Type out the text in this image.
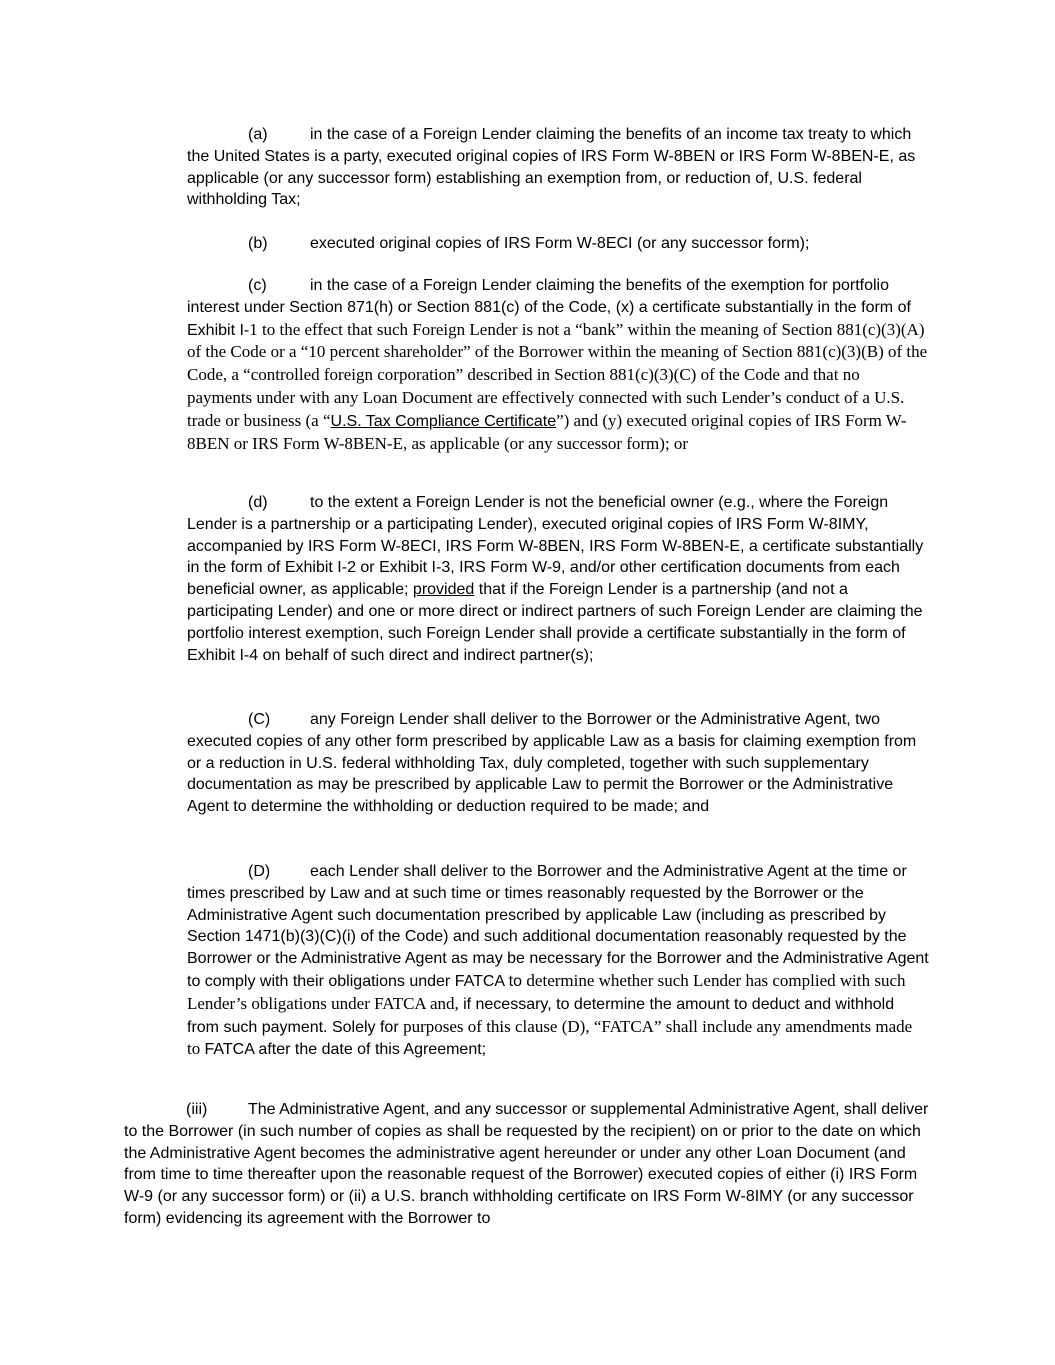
(a)	in the case of a Foreign Lender claiming the benefits of an income tax treaty to which the United States is a party, executed original copies of IRS Form W-8BEN or IRS Form W-8BEN-E, as applicable (or any successor form) establishing an exemption from, or reduction of, U.S. federal withholding Tax;

(b)	executed original copies of IRS Form W-8ECI (or any successor form);

(c)	in the case of a Foreign Lender claiming the benefits of the exemption for portfolio interest under Section 871(h) or Section 881(c) of the Code, (x) a certificate substantially in the form of Exhibit I-1 to the effect that such Foreign Lender is not a “bank” within the meaning of Section 881(c)(3)(A) of the Code or a “10 percent shareholder” of the Borrower within the meaning of Section 881(c)(3)(B) of the Code, a “controlled foreign corporation” described in Section 881(c)(3)(C) of the Code and that no payments under with any Loan Document are effectively connected with such Lender’s conduct of a U.S. trade or business (a “U.S. Tax Compliance Certificate”) and (y) executed original copies of IRS Form W-8BEN or IRS Form W-8BEN-E, as applicable (or any successor form); or

(d)	to the extent a Foreign Lender is not the beneficial owner (e.g., where the Foreign Lender is a partnership or a participating Lender), executed original copies of IRS Form W-8IMY, accompanied by IRS Form W-8ECI, IRS Form W-8BEN, IRS Form W-8BEN-E, a certificate substantially in the form of Exhibit I-2 or Exhibit I-3, IRS Form W-9, and/or other certification documents from each beneficial owner, as applicable; provided that if the Foreign Lender is a partnership (and not a participating Lender) and one or more direct or indirect partners of such Foreign Lender are claiming the portfolio interest exemption, such Foreign Lender shall provide a certificate substantially in the form of Exhibit I-4 on behalf of such direct and indirect partner(s);

(C) any Foreign Lender shall deliver to the Borrower or the Administrative Agent, two executed copies of any other form prescribed by applicable Law as a basis for claiming exemption from or a reduction in U.S. federal withholding Tax, duly completed, together with such supplementary documentation as may be prescribed by applicable Law to permit the Borrower or the Administrative Agent to determine the withholding or deduction required to be made; and

(D) each Lender shall deliver to the Borrower and the Administrative Agent at the time or times prescribed by Law and at such time or times reasonably requested by the Borrower or the Administrative Agent such documentation prescribed by applicable Law (including as prescribed by Section 1471(b)(3)(C)(i) of the Code) and such additional documentation reasonably requested by the Borrower or the Administrative Agent as may be necessary for the Borrower and the Administrative Agent to comply with their obligations under FATCA to determine whether such Lender has complied with such Lender’s obligations under FATCA and, if necessary, to determine the amount to deduct and withhold from such payment. Solely for purposes of this clause (D), “FATCA” shall include any amendments made to FATCA after the date of this Agreement;

(iii)	The Administrative Agent, and any successor or supplemental Administrative Agent, shall deliver to the Borrower (in such number of copies as shall be requested by the recipient) on or prior to the date on which the Administrative Agent becomes the administrative agent hereunder or under any other Loan Document (and from time to time thereafter upon the reasonable request of the Borrower) executed copies of either (i) IRS Form W-9 (or any successor form) or (ii) a U.S. branch withholding certificate on IRS Form W-8IMY (or any successor form) evidencing its agreement with the Borrower to
